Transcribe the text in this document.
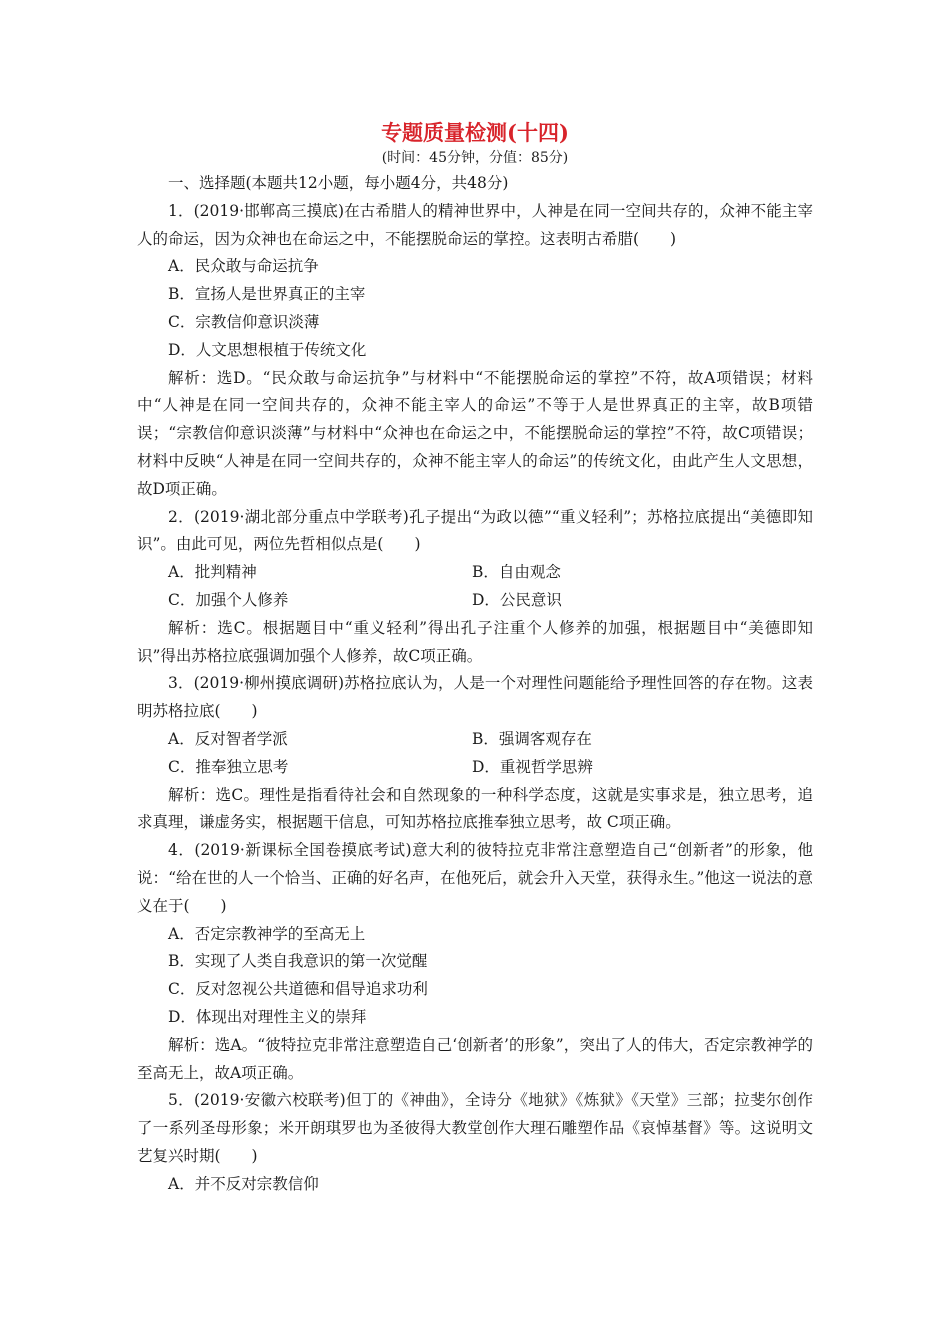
专题质量检测(十四)
(时间：45分钟，分值：85分)

一、选择题(本题共12小题，每小题4分，共48分)

1．(2019·邯郸高三摸底)在古希腊人的精神世界中，人神是在同一空间共存的，众神不能主宰人的命运，因为众神也在命运之中，不能摆脱命运的掌控。这表明古希腊(　　)

A．民众敢与命运抗争
B．宣扬人是世界真正的主宰
C．宗教信仰意识淡薄
D．人文思想根植于传统文化

解析：选D。“民众敢与命运抗争”与材料中“不能摆脱命运的掌控”不符，故A项错误；材料中“人神是在同一空间共存的，众神不能主宰人的命运”不等于人是世界真正的主宰，故B项错误；“宗教信仰意识淡薄”与材料中“众神也在命运之中，不能摆脱命运的掌控”不符，故C项错误；材料中反映“人神是在同一空间共存的，众神不能主宰人的命运”的传统文化，由此产生人文思想，故D项正确。

2．(2019·湖北部分重点中学联考)孔子提出“为政以德”“重义轻利”；苏格拉底提出“美德即知识”。由此可见，两位先哲相似点是(　　)

A．批判精神	B．自由观念
C．加强个人修养	D．公民意识

解析：选C。根据题目中“重义轻利”得出孔子注重个人修养的加强，根据题目中“美德即知识”得出苏格拉底强调加强个人修养，故C项正确。

3．(2019·柳州摸底调研)苏格拉底认为，人是一个对理性问题能给予理性回答的存在物。这表明苏格拉底(　　)

A．反对智者学派	B．强调客观存在
C．推奉独立思考	D．重视哲学思辨

解析：选C。理性是指看待社会和自然现象的一种科学态度，这就是实事求是，独立思考，追求真理，谦虚务实，根据题干信息，可知苏格拉底推奉独立思考，故 C项正确。

4．(2019·新课标全国卷摸底考试)意大利的彼特拉克非常注意塑造自己“创新者”的形象，他说：“给在世的人一个恰当、正确的好名声，在他死后，就会升入天堂，获得永生。”他这一说法的意义在于(　　)

A．否定宗教神学的至高无上
B．实现了人类自我意识的第一次觉醒
C．反对忽视公共道德和倡导追求功利
D．体现出对理性主义的崇拜

解析：选A。“彼特拉克非常注意塑造自己‘创新者’的形象”，突出了人的伟大，否定宗教神学的至高无上，故A项正确。

5．(2019·安徽六校联考)但丁的《神曲》，全诗分《地狱》《炼狱》《天堂》三部；拉斐尔创作了一系列圣母形象；米开朗琪罗也为圣彼得大教堂创作大理石雕塑作品《哀悼基督》等。这说明文艺复兴时期(　　)

A．并不反对宗教信仰
